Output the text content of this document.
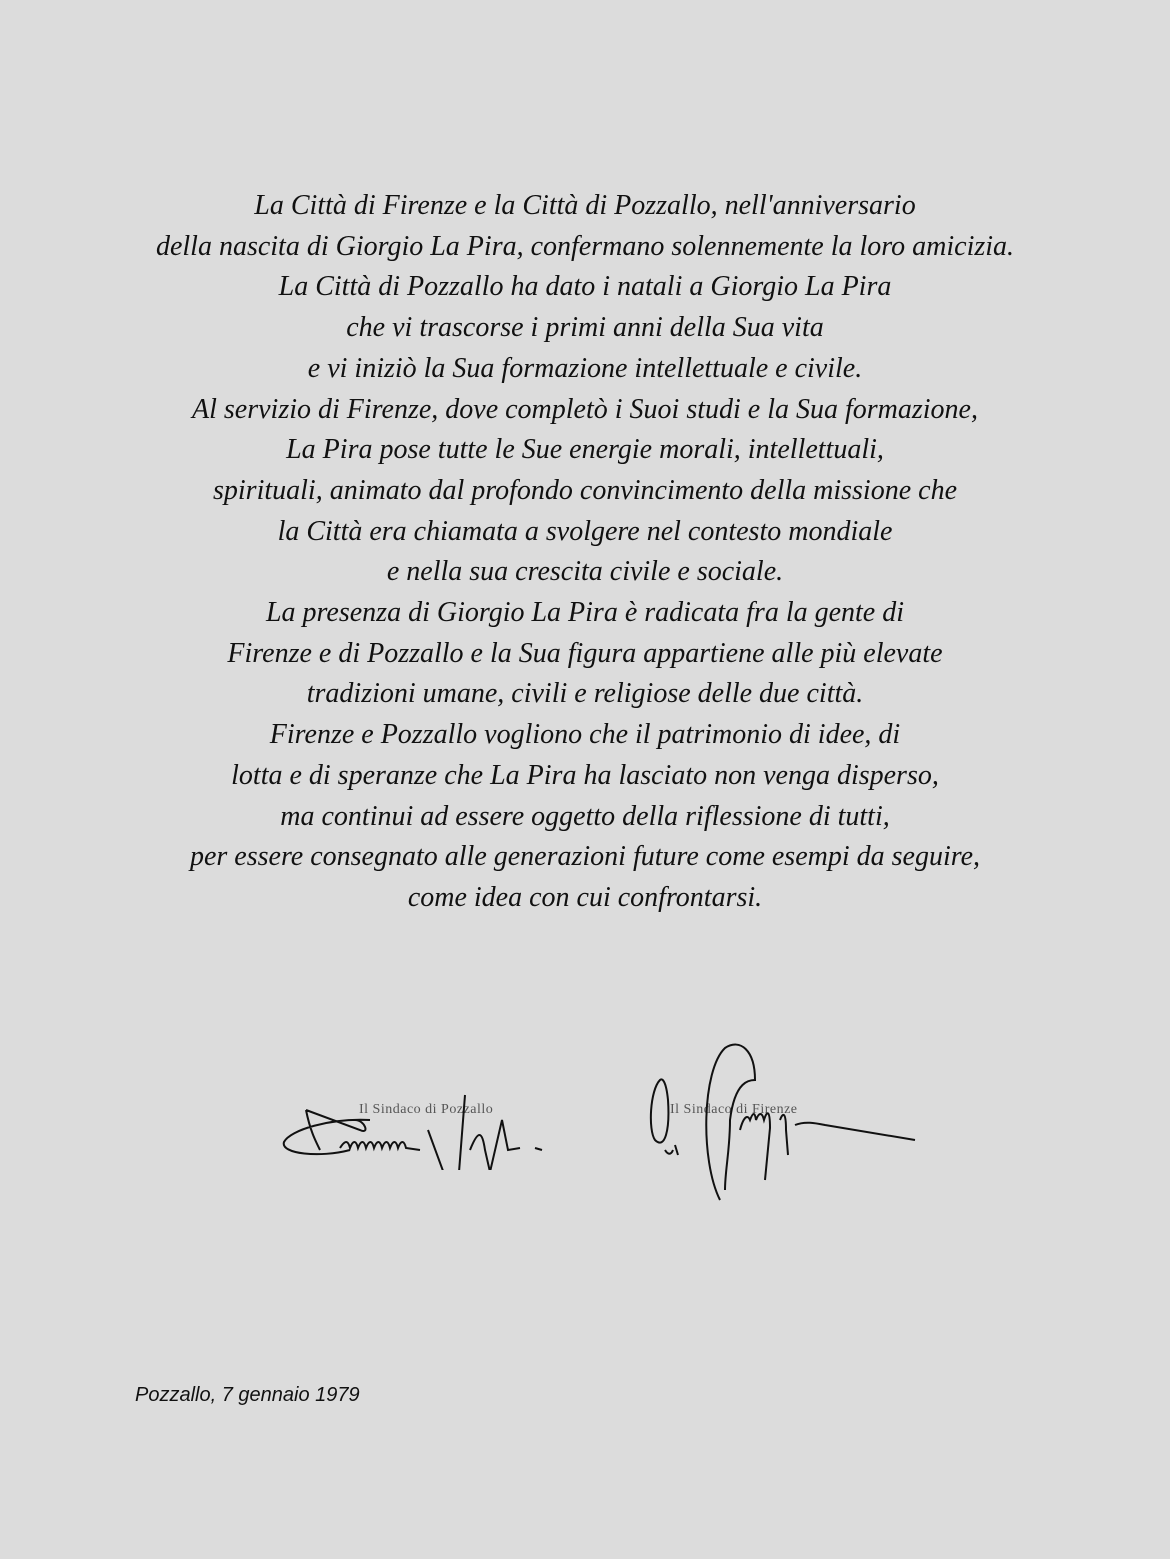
La Città di Firenze e la Città di Pozzallo, nell'anniversario
della nascita di Giorgio La Pira, confermano solennemente la loro amicizia.
La Città di Pozzallo ha dato i natali a Giorgio La Pira
che vi trascorse i primi anni della Sua vita
e vi iniziò la Sua formazione intellettuale e civile.
Al servizio di Firenze, dove completò i Suoi studi e la Sua formazione,
La Pira pose tutte le Sue energie morali, intellettuali,
spirituali, animato dal profondo convincimento della missione che
la Città era chiamata a svolgere nel contesto mondiale
e nella sua crescita civile e sociale.
La presenza di Giorgio La Pira è radicata fra la gente di
Firenze e di Pozzallo e la Sua figura appartiene alle più elevate
tradizioni umane, civili e religiose delle due città.
Firenze e Pozzallo vogliono che il patrimonio di idee, di
lotta e di speranze che La Pira ha lasciato non venga disperso,
ma continui ad essere oggetto della riflessione di tutti,
per essere consegnato alle generazioni future come esempi da seguire,
come idea con cui confrontarsi.
Il Sindaco di Pozzallo	Il Sindaco di Firenze
Pozzallo, 7 gennaio 1979
